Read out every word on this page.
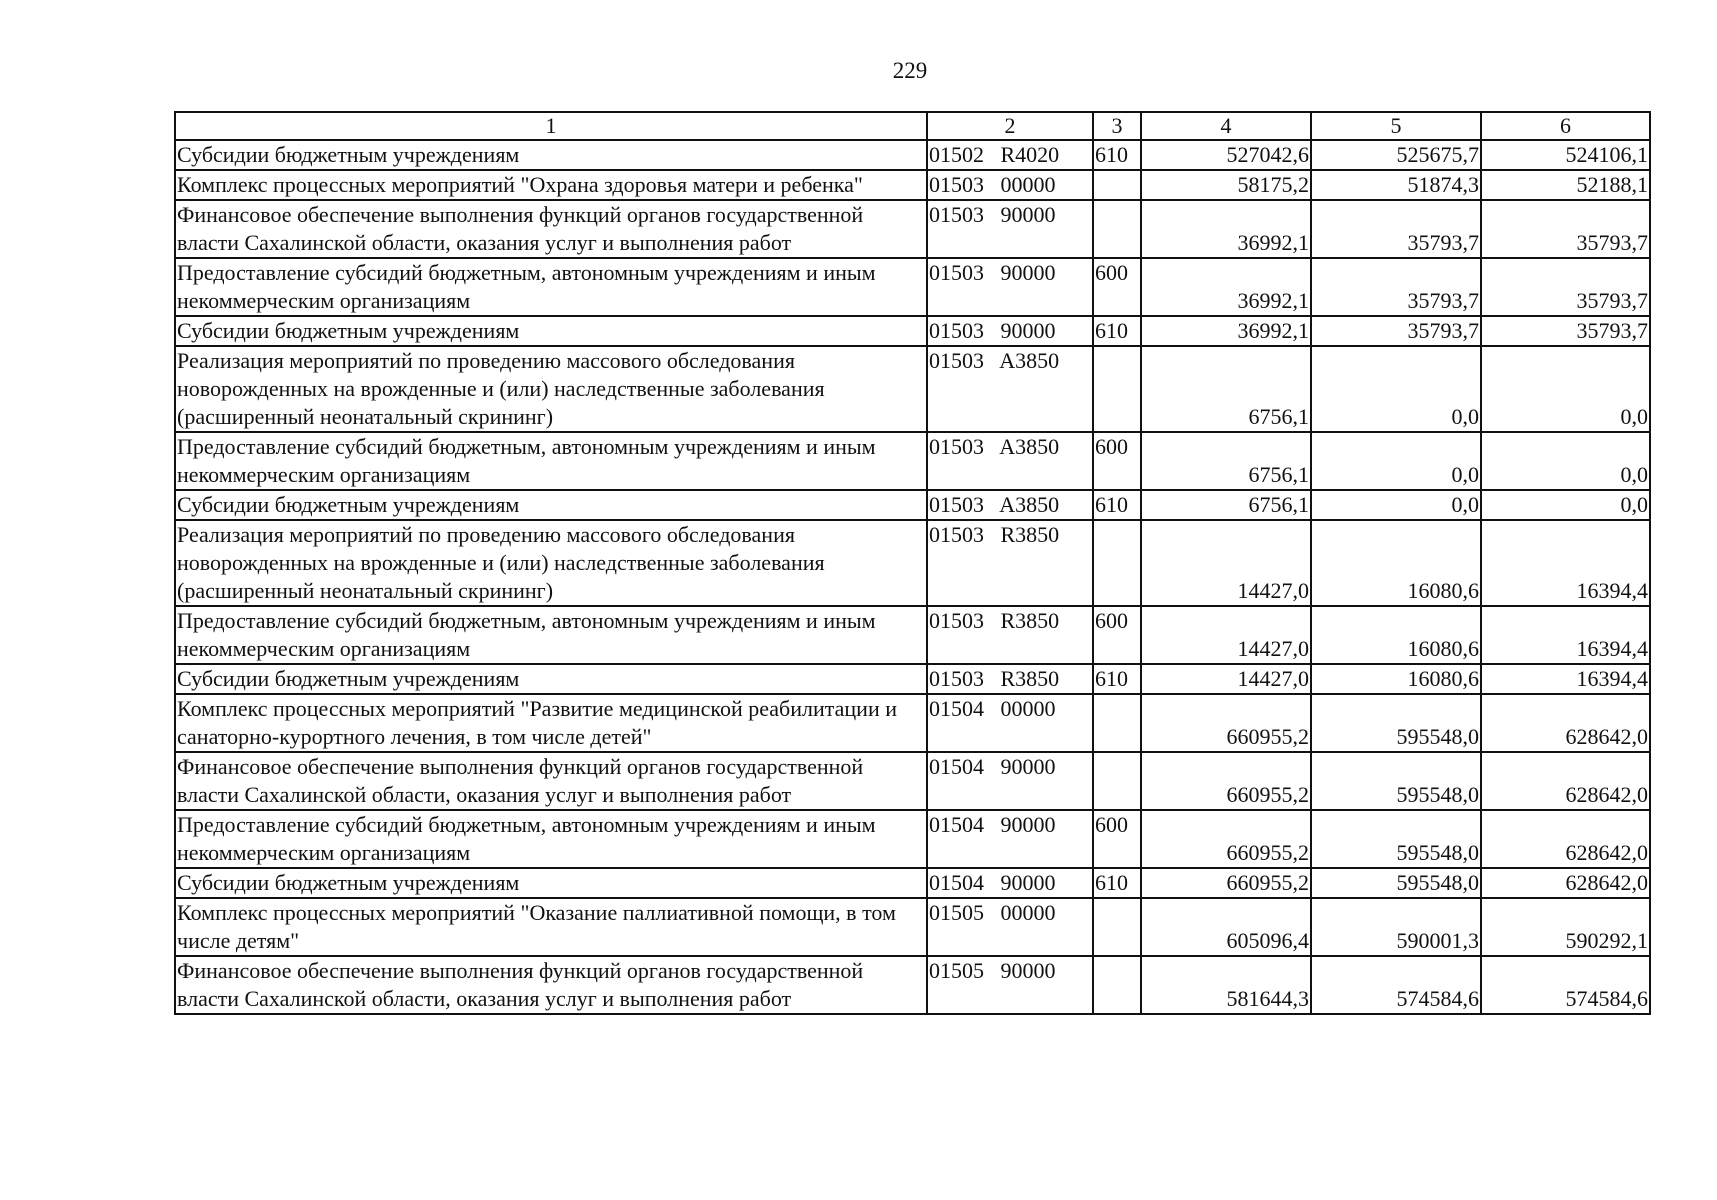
229
1	2	3	4	5	6
Субсидии бюджетным учреждениям	01502   R4020	610	527042,6	525675,7	524106,1
Комплекс процессных мероприятий "Охрана здоровья матери и ребенка"	01503   00000		58175,2	51874,3	52188,1
Финансовое обеспечение выполнения функций органов государственной власти Сахалинской области, оказания услуг и выполнения работ	01503   90000		36992,1	35793,7	35793,7
Предоставление субсидий бюджетным, автономным учреждениям и иным некоммерческим организациям	01503   90000	600	36992,1	35793,7	35793,7
Субсидии бюджетным учреждениям	01503   90000	610	36992,1	35793,7	35793,7
Реализация мероприятий по проведению массового обследования новорожденных на врожденные и (или) наследственные заболевания (расширенный неонатальный скрининг)	01503   A3850		6756,1	0,0	0,0
Предоставление субсидий бюджетным, автономным учреждениям и иным некоммерческим организациям	01503   A3850	600	6756,1	0,0	0,0
Субсидии бюджетным учреждениям	01503   A3850	610	6756,1	0,0	0,0
Реализация мероприятий по проведению массового обследования новорожденных на врожденные и (или) наследственные заболевания (расширенный неонатальный скрининг)	01503   R3850		14427,0	16080,6	16394,4
Предоставление субсидий бюджетным, автономным учреждениям и иным некоммерческим организациям	01503   R3850	600	14427,0	16080,6	16394,4
Субсидии бюджетным учреждениям	01503   R3850	610	14427,0	16080,6	16394,4
Комплекс процессных мероприятий "Развитие медицинской реабилитации и санаторно-курортного лечения, в том числе детей"	01504   00000		660955,2	595548,0	628642,0
Финансовое обеспечение выполнения функций органов государственной власти Сахалинской области, оказания услуг и выполнения работ	01504   90000		660955,2	595548,0	628642,0
Предоставление субсидий бюджетным, автономным учреждениям и иным некоммерческим организациям	01504   90000	600	660955,2	595548,0	628642,0
Субсидии бюджетным учреждениям	01504   90000	610	660955,2	595548,0	628642,0
Комплекс процессных мероприятий "Оказание паллиативной помощи, в том числе детям"	01505   00000		605096,4	590001,3	590292,1
Финансовое обеспечение выполнения функций органов государственной власти Сахалинской области, оказания услуг и выполнения работ	01505   90000		581644,3	574584,6	574584,6
